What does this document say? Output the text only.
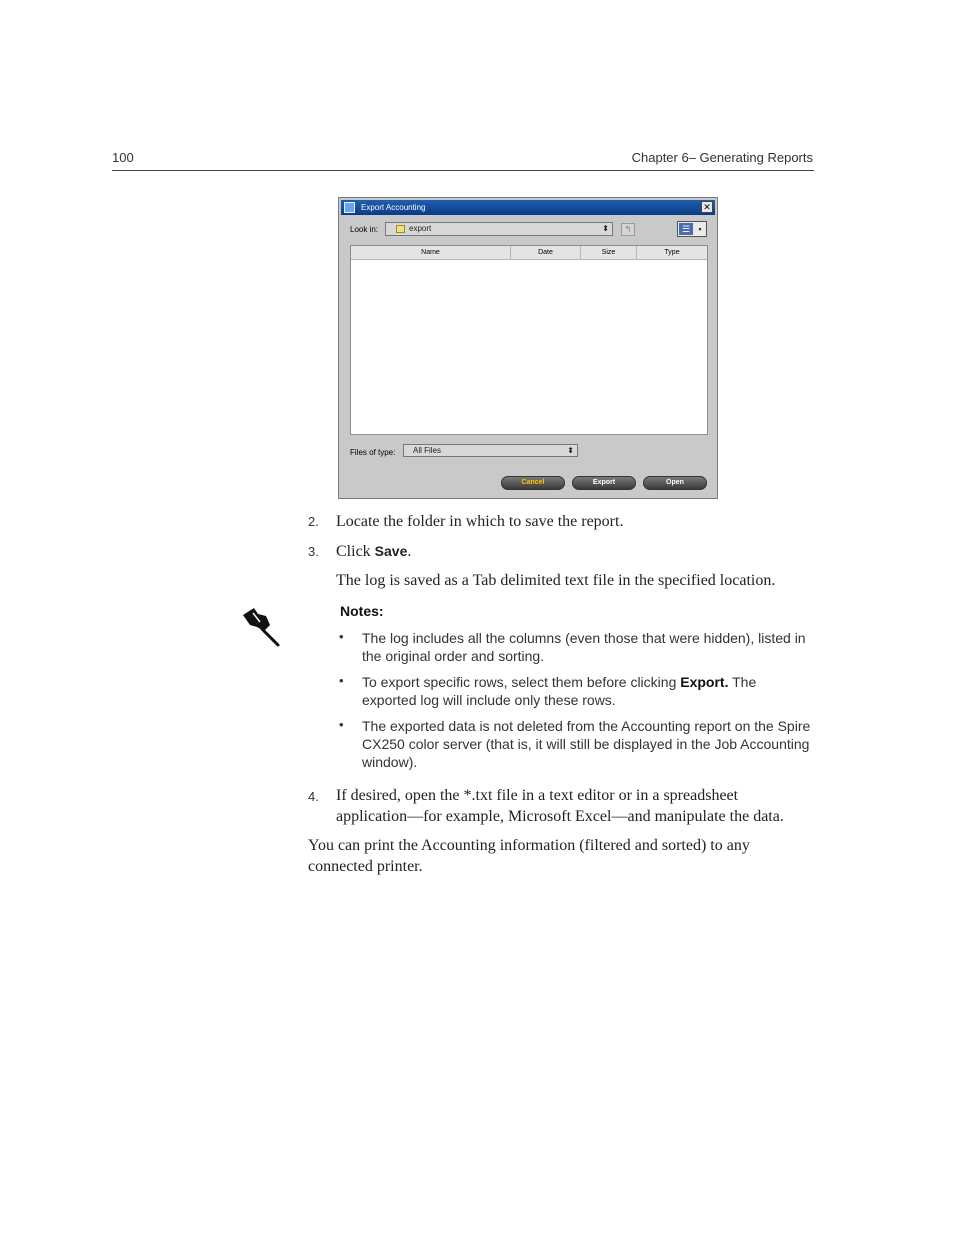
100	Chapter 6– Generating Reports
Export Accounting	✕
Look in:	export	⬍	↰	☰ ▪
Name	Date	Size	Type
Files of type: All Files	⬍
Cancel	Export	Open
2. Locate the folder in which to save the report.
3. Click Save.
The log is saved as a Tab delimited text file in the specified location.
Notes:
• The log includes all the columns (even those that were hidden), listed in the original order and sorting.
• To export specific rows, select them before clicking Export. The exported log will include only these rows.
• The exported data is not deleted from the Accounting report on the Spire CX250 color server (that is, it will still be displayed in the Job Accounting window).
4. If desired, open the *.txt file in a text editor or in a spreadsheet
application—for example, Microsoft Excel—and manipulate the data.
You can print the Accounting information (filtered and sorted) to any connected printer.
